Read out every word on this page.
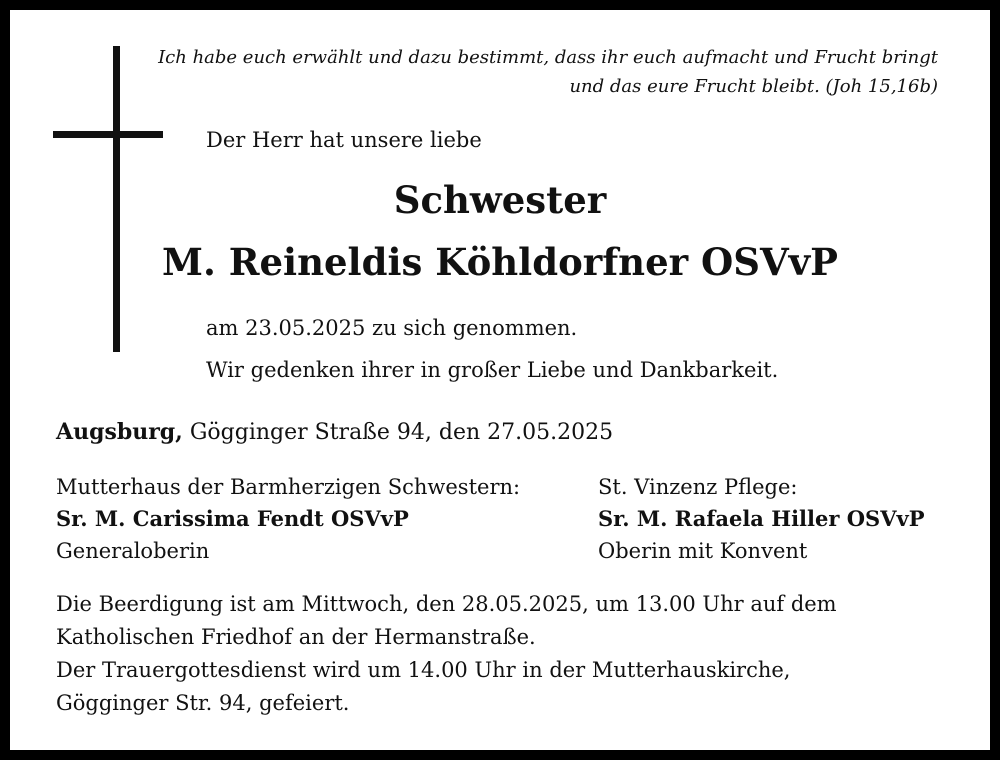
Ich habe euch erwählt und dazu bestimmt, dass ihr euch aufmacht und Frucht bringt
und das eure Frucht bleibt. (Joh 15,16b)
Der Herr hat unsere liebe
Schwester
M. Reineldis Köhldorfner OSVvP
am 23.05.2025 zu sich genommen.
Wir gedenken ihrer in großer Liebe und Dankbarkeit.
Augsburg, Gögginger Straße 94, den 27.05.2025
Mutterhaus der Barmherzigen Schwestern:
Sr. M. Carissima Fendt OSVvP
Generaloberin
St. Vinzenz Pflege:
Sr. M. Rafaela Hiller OSVvP
Oberin mit Konvent
Die Beerdigung ist am Mittwoch, den 28.05.2025, um 13.00 Uhr auf dem
Katholischen Friedhof an der Hermanstraße.
Der Trauergottesdienst wird um 14.00 Uhr in der Mutterhauskirche,
Gögginger Str. 94, gefeiert.
